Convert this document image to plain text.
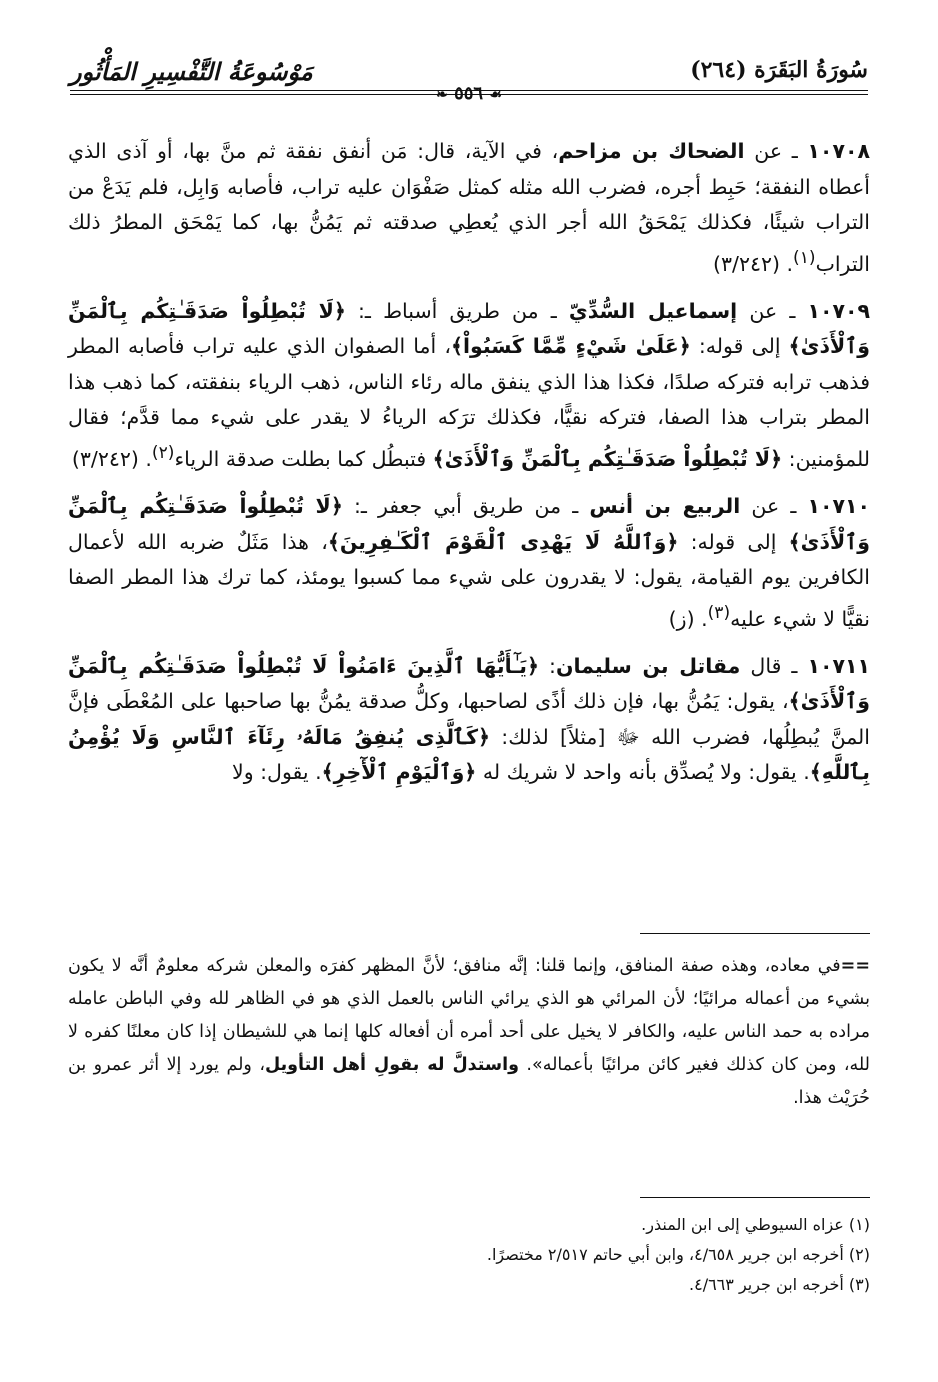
سُورَةُ البَقَرَة (٢٦٤)
مَوْسُوعَةُ التَّفْسِيرِ المَأْثُور
❧ ٥٥٦ ☙

١٠٧٠٨ ـ عن الضحاك بن مزاحم، في الآية، قال: مَن أنفق نفقة ثم منَّ بها، أو آذى الذي أعطاه النفقة؛ حَبِط أجره، فضرب الله مثله كمثل صَفْوَان عليه تراب، فأصابه وَابِل، فلم يَدَعْ من التراب شيئًا، فكذلك يَمْحَقُ الله أجر الذي يُعطِي صدقته ثم يَمُنُّ بها، كما يَمْحَق المطرُ ذلك التراب$^{(١)}$. (٣/٢٤٢)

١٠٧٠٩ ـ عن إسماعيل السُّدِّيّ ـ من طريق أسباط ـ: ﴿لَا تُبْطِلُواْ صَدَقَـٰتِكُم بِٱلْمَنِّ وَٱلْأَذَىٰ﴾ إلى قوله: ﴿عَلَىٰ شَيْءٍ مِّمَّا كَسَبُواْ﴾، أما الصفوان الذي عليه تراب فأصابه المطر فذهب ترابه فتركه صلدًا، فكذا هذا الذي ينفق ماله رئاء الناس، ذهب الرياء بنفقته، كما ذهب هذا المطر بتراب هذا الصفا، فتركه نقيًّا، فكذلك ترَكه الرياءُ لا يقدر على شيء مما قدَّم؛ فقال للمؤمنين: ﴿لَا تُبْطِلُواْ صَدَقَـٰتِكُم بِٱلْمَنِّ وَٱلْأَذَىٰ﴾ فتبطُل كما بطلت صدقة الرياء$^{(٢)}$. (٣/٢٤٢)

١٠٧١٠ ـ عن الربيع بن أنس ـ من طريق أبي جعفر ـ: ﴿لَا تُبْطِلُواْ صَدَقَـٰتِكُم بِٱلْمَنِّ وَٱلْأَذَىٰ﴾ إلى قوله: ﴿وَٱللَّهُ لَا يَهْدِى ٱلْقَوْمَ ٱلْكَـٰفِرِينَ﴾، هذا مَثَلٌ ضربه الله لأعمال الكافرين يوم القيامة، يقول: لا يقدرون على شيء مما كسبوا يومئذ، كما ترك هذا المطر الصفا نقيًّا لا شيء عليه$^{(٣)}$. (ز)

١٠٧١١ ـ قال مقاتل بن سليمان: ﴿يَـٰٓأَيُّهَا ٱلَّذِينَ ءَامَنُواْ لَا تُبْطِلُواْ صَدَقَـٰتِكُم بِٱلْمَنِّ وَٱلْأَذَىٰ﴾، يقول: يَمُنُّ بها، فإن ذلك أذًى لصاحبها، وكلُّ صدقة يمُنُّ بها صاحبها على المُعْطَى فإنَّ المنَّ يُبطِلُها، فضرب الله ﷻ [مثلاً] لذلك: ﴿كَٱلَّذِى يُنفِقُ مَالَهُۥ رِئَآءَ ٱلنَّاسِ وَلَا يُؤْمِنُ بِٱللَّهِ﴾. يقول: ولا يُصدِّق بأنه واحد لا شريك له ﴿وَٱلْيَوْمِ ٱلْأٓخِرِ﴾. يقول: ولا

==في معاده، وهذه صفة المنافق، وإنما قلنا: إنَّه منافق؛ لأنَّ المظهر كفرَه والمعلن شركه معلومٌ أنَّه لا يكون بشيء من أعماله مرائيًا؛ لأن المرائي هو الذي يرائي الناس بالعمل الذي هو في الظاهر لله وفي الباطن عامله مراده به حمد الناس عليه، والكافر لا يخيل على أحد أمره أن أفعاله كلها إنما هي للشيطان إذا كان معلنًا كفره لا لله، ومن كان كذلك فغير كائن مرائيًا بأعماله». واستدلَّ له بقولِ أهل التأويل، ولم يورد إلا أثر عمرو بن حُرَيْث هذا.
(١) عزاه السيوطي إلى ابن المنذر.
(٢) أخرجه ابن جرير ٤/٦٥٨، وابن أبي حاتم ٢/٥١٧ مختصرًا.
(٣) أخرجه ابن جرير ٤/٦٦٣.
